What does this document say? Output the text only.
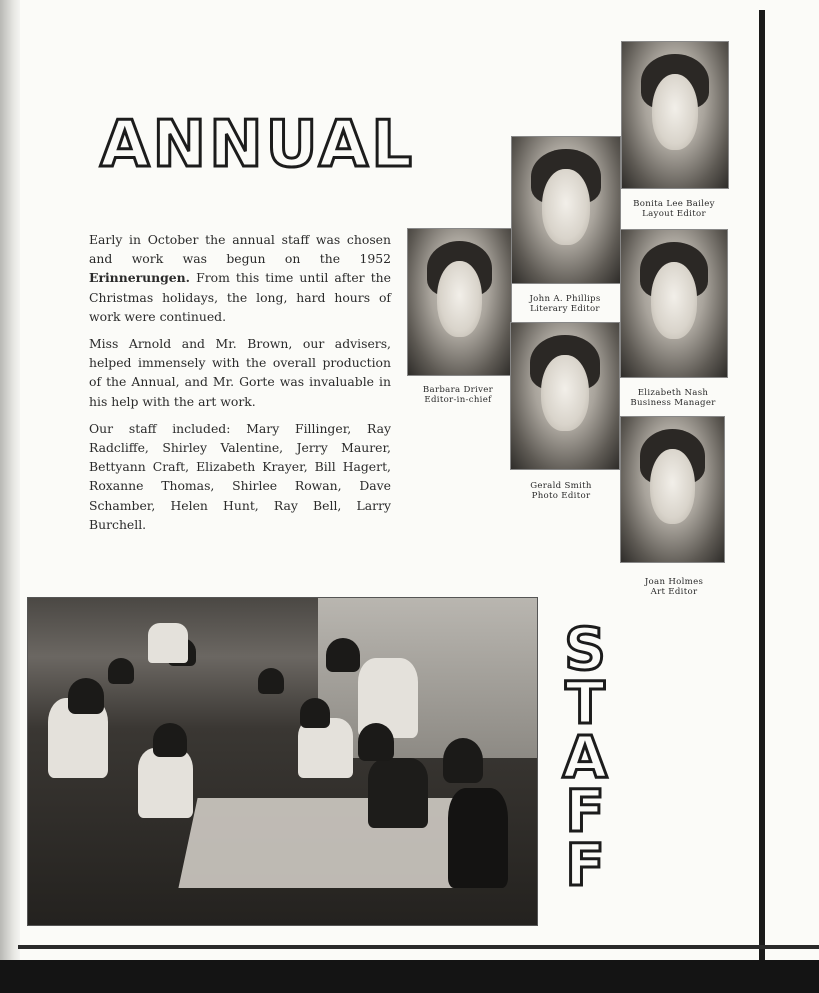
ANNUAL

Early in October the annual staff was chosen and work was begun on the 1952 Erinnerungen. From this time until after the Christmas holidays, the long, hard hours of work were continued.

Miss Arnold and Mr. Brown, our advisers, helped immensely with the overall production of the Annual, and Mr. Gorte was invaluable in his help with the art work.

Our staff included: Mary Fillinger, Ray Radcliffe, Shirley Valentine, Jerry Maurer, Bettyann Craft, Elizabeth Krayer, Bill Hagert, Roxanne Thomas, Shirlee Rowan, Dave Schamber, Helen Hunt, Ray Bell, Larry Burchell.

Bonita Lee Bailey
Layout Editor
John A. Phillips
Literary Editor
Barbara Driver
Editor-in-chief
Elizabeth Nash
Business Manager
Gerald Smith
Photo Editor
Joan Holmes
Art Editor
S
T
A
F
F
